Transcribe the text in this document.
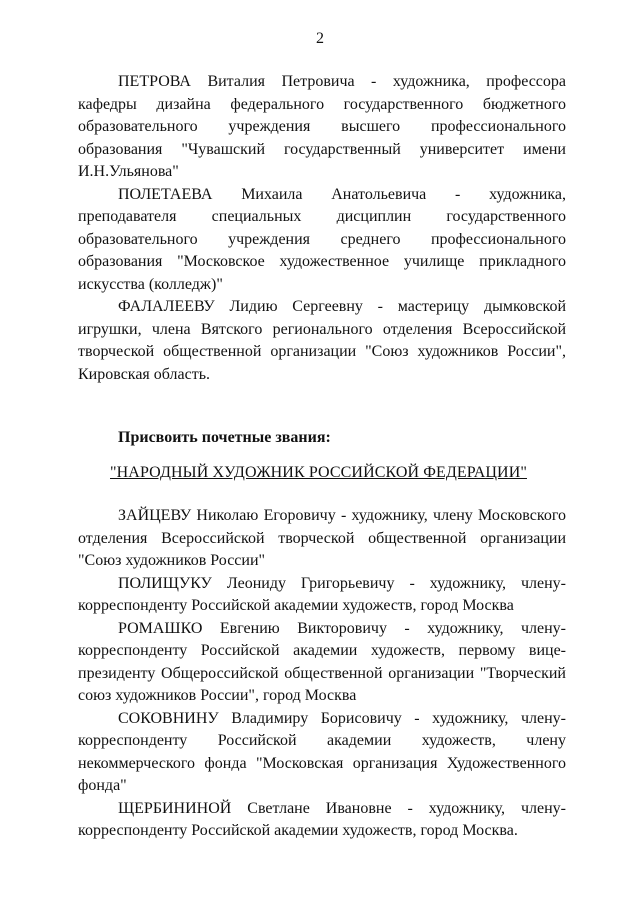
2

ПЕТРОВА Виталия Петровича - художника, профессора кафедры дизайна федерального государственного бюджетного образовательного учреждения высшего профессионального образования "Чувашский государственный университет имени И.Н.Ульянова"

ПОЛЕТАЕВА Михаила Анатольевича - художника, преподавателя специальных дисциплин государственного образовательного учреждения среднего профессионального образования "Московское художественное училище прикладного искусства (колледж)"

ФАЛАЛЕЕВУ Лидию Сергеевну - мастерицу дымковской игрушки, члена Вятского регионального отделения Всероссийской творческой общественной организации "Союз художников России", Кировская область.

Присвоить почетные звания:
"НАРОДНЫЙ ХУДОЖНИК РОССИЙСКОЙ ФЕДЕРАЦИИ"

ЗАЙЦЕВУ Николаю Егоровичу - художнику, члену Московского отделения Всероссийской творческой общественной организации "Союз художников России"

ПОЛИЩУКУ Леониду Григорьевичу - художнику, члену-корреспонденту Российской академии художеств, город Москва

РОМАШКО Евгению Викторовичу - художнику, члену-корреспонденту Российской академии художеств, первому вице-президенту Общероссийской общественной организации "Творческий союз художников России", город Москва

СОКОВНИНУ Владимиру Борисовичу - художнику, члену-корреспонденту Российской академии художеств, члену некоммерческого фонда "Московская организация Художественного фонда"

ЩЕРБИНИНОЙ Светлане Ивановне - художнику, члену-корреспонденту Российской академии художеств, город Москва.
